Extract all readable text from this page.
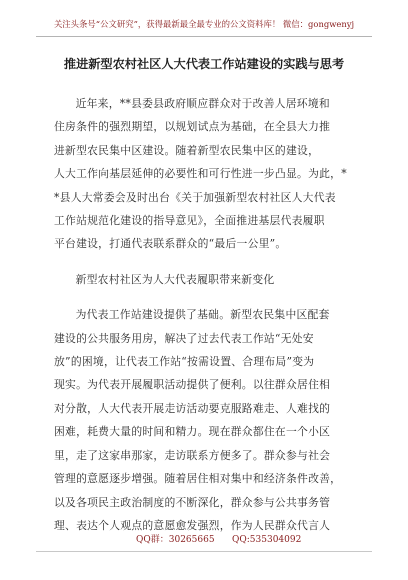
关注头条号“公文研究”，获得最新最全最专业的公文资料库！ 微信：gongwenyj
推进新型农村社区人大代表工作站建设的实践与思考

近年来，**县委县政府顺应群众对于改善人居环境和
住房条件的强烈期望，以规划试点为基础，在全县大力推
进新型农民集中区建设。随着新型农民集中区的建设，
人大工作向基层延伸的必要性和可行性进一步凸显。为此，*
*县人大常委会及时出台《关于加强新型农村社区人大代表
工作站规范化建设的指导意见》，全面推进基层代表履职
平台建设，打通代表联系群众的“最后一公里”。

新型农村社区为人大代表履职带来新变化

为代表工作站建设提供了基础。新型农民集中区配套
建设的公共服务用房，解决了过去代表工作站“无处安
放”的困境，让代表工作站“按需设置、合理布局”变为
现实。为代表开展履职活动提供了便利。以往群众居住相
对分散，人大代表开展走访活动要克服路难走、人难找的
困难，耗费大量的时间和精力。现在群众都住在一个小区
里，走了这家串那家，走访联系方便多了。群众参与社会
管理的意愿逐步增强。随着居住相对集中和经济条件改善，
以及各项民主政治制度的不断深化，群众参与公共事务管
理、表达个人观点的意愿愈发强烈，作为人民群众代言人

QQ群：30265665 QQ:535304092
